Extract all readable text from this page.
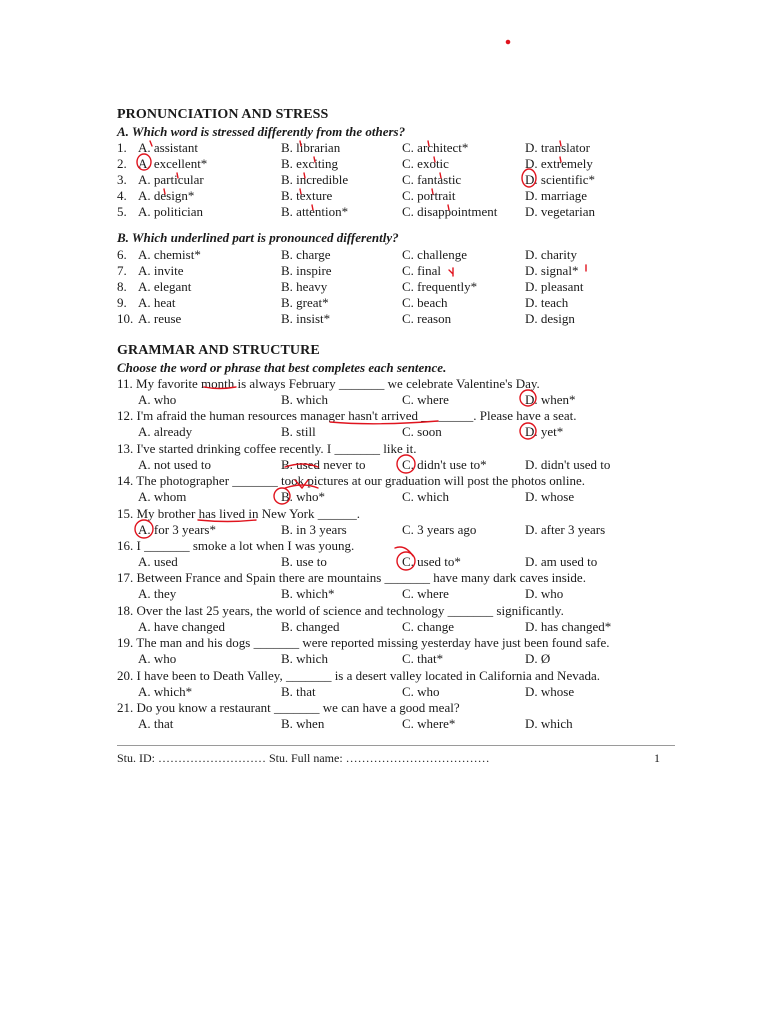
PRONUNCIATION AND STRESS
A. Which word is stressed differently from the others?
1. A. assistant	B. librarian	C. architect*	D. translator
2. A. excellent*	B. exciting	C. exotic	D. extremely
3. A. particular	B. incredible	C. fantastic	D. scientific*
4. A. design*	B. texture	C. portrait	D. marriage
5. A. politician	B. attention*	C. disappointment D. vegetarian
B. Which underlined part is pronounced differently?
6. A. chemist*	B. charge	C. challenge	D. charity
7. A. invite	B. inspire	C. final	D. signal*
8. A. elegant	B. heavy	C. frequently*	D. pleasant
9. A. heat	B. great*	C. beach	D. teach
10. A. reuse	B. insist*	C. reason	D. design
GRAMMAR AND STRUCTURE
Choose the word or phrase that best completes each sentence.
11. My favorite month is always February _______ we celebrate Valentine's Day.
A. who	B. which	C. where	D. when*
12. I'm afraid the human resources manager hasn't arrived ________. Please have a seat.
A. already	B. still	C. soon	D. yet*
13. I've started drinking coffee recently. I _______ like it.
A. not used to	B. used never to	C. didn't use to*	D. didn't used to
14. The photographer _______ took pictures at our graduation will post the photos online.
A. whom	B. who*	C. which	D. whose
15. My brother has lived in New York ______.
A. for 3 years*	B. in 3 years	C. 3 years ago	D. after 3 years
16. I _______ smoke a lot when I was young.
A. used	B. use to	C. used to*	D. am used to
17. Between France and Spain there are mountains _______ have many dark caves inside.
A. they	B. which*	C. where	D. who
18. Over the last 25 years, the world of science and technology _______ significantly.
A. have changed	B. changed	C. change	D. has changed*
19. The man and his dogs _______ were reported missing yesterday have just been found safe.
A. who	B. which	C. that*	D. Ø
20. I have been to Death Valley, _______ is a desert valley located in California and Nevada.
A. which*	B. that	C. who	D. whose
21. Do you know a restaurant _______ we can have a good meal?
A. that	B. when	C. where*	D. which
Stu. ID: ……………………… Stu. Full name: ………………………………	1
